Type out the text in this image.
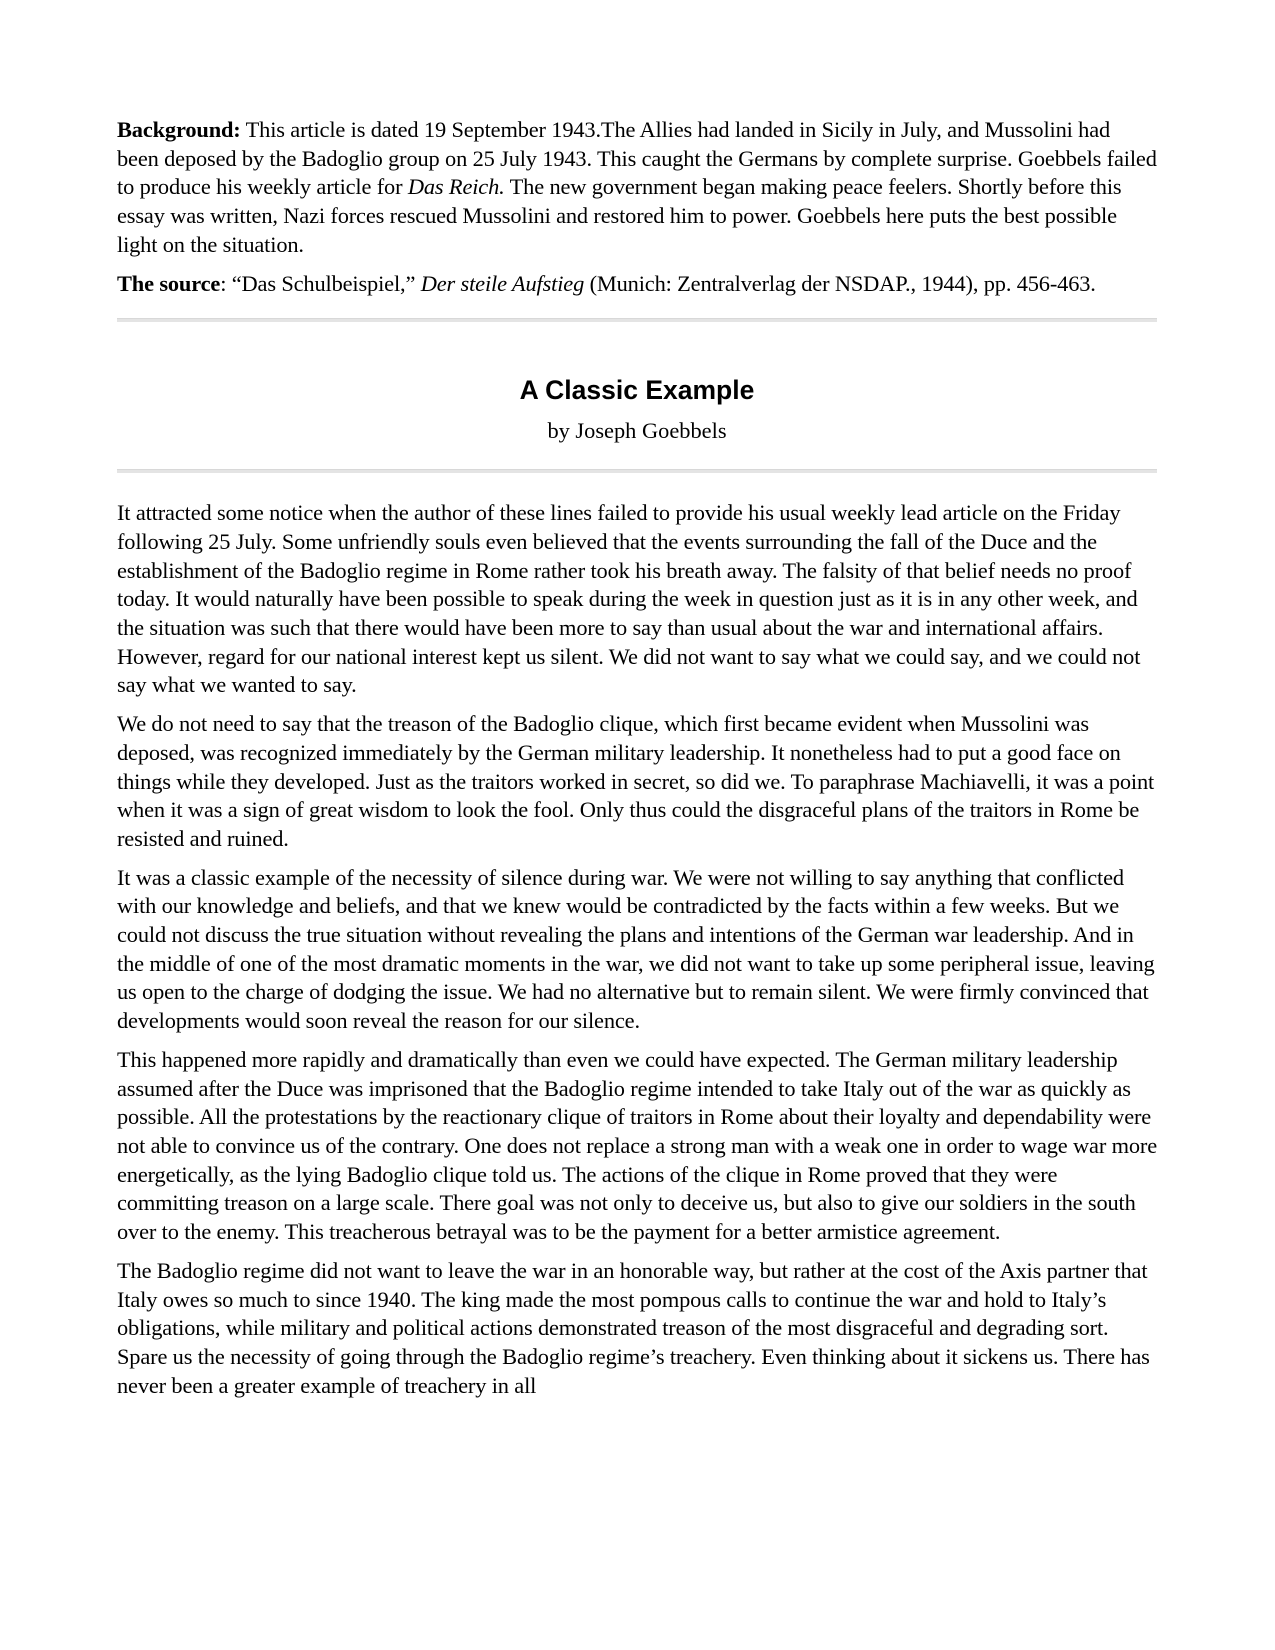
Background: This article is dated 19 September 1943.The Allies had landed in Sicily in July, and Mussolini had been deposed by the Badoglio group on 25 July 1943. This caught the Germans by complete surprise. Goebbels failed to produce his weekly article for Das Reich. The new government began making peace feelers. Shortly before this essay was written, Nazi forces rescued Mussolini and restored him to power. Goebbels here puts the best possible light on the situation.

The source: “Das Schulbeispiel,” Der steile Aufstieg (Munich: Zentralverlag der NSDAP., 1944), pp. 456-463.

A Classic Example
by Joseph Goebbels

It attracted some notice when the author of these lines failed to provide his usual weekly lead article on the Friday following 25 July. Some unfriendly souls even believed that the events surrounding the fall of the Duce and the establishment of the Badoglio regime in Rome rather took his breath away. The falsity of that belief needs no proof today. It would naturally have been possible to speak during the week in question just as it is in any other week, and the situation was such that there would have been more to say than usual about the war and international affairs. However, regard for our national interest kept us silent. We did not want to say what we could say, and we could not say what we wanted to say.

We do not need to say that the treason of the Badoglio clique, which first became evident when Mussolini was deposed, was recognized immediately by the German military leadership. It nonetheless had to put a good face on things while they developed. Just as the traitors worked in secret, so did we. To paraphrase Machiavelli, it was a point when it was a sign of great wisdom to look the fool. Only thus could the disgraceful plans of the traitors in Rome be resisted and ruined.

It was a classic example of the necessity of silence during war. We were not willing to say anything that conflicted with our knowledge and beliefs, and that we knew would be contradicted by the facts within a few weeks. But we could not discuss the true situation without revealing the plans and intentions of the German war leadership. And in the middle of one of the most dramatic moments in the war, we did not want to take up some peripheral issue, leaving us open to the charge of dodging the issue. We had no alternative but to remain silent. We were firmly convinced that developments would soon reveal the reason for our silence.

This happened more rapidly and dramatically than even we could have expected. The German military leadership assumed after the Duce was imprisoned that the Badoglio regime intended to take Italy out of the war as quickly as possible. All the protestations by the reactionary clique of traitors in Rome about their loyalty and dependability were not able to convince us of the contrary. One does not replace a strong man with a weak one in order to wage war more energetically, as the lying Badoglio clique told us. The actions of the clique in Rome proved that they were committing treason on a large scale. There goal was not only to deceive us, but also to give our soldiers in the south over to the enemy. This treacherous betrayal was to be the payment for a better armistice agreement.

The Badoglio regime did not want to leave the war in an honorable way, but rather at the cost of the Axis partner that Italy owes so much to since 1940. The king made the most pompous calls to continue the war and hold to Italy’s obligations, while military and political actions demonstrated treason of the most disgraceful and degrading sort. Spare us the necessity of going through the Badoglio regime’s treachery. Even thinking about it sickens us. There has never been a greater example of treachery in all
